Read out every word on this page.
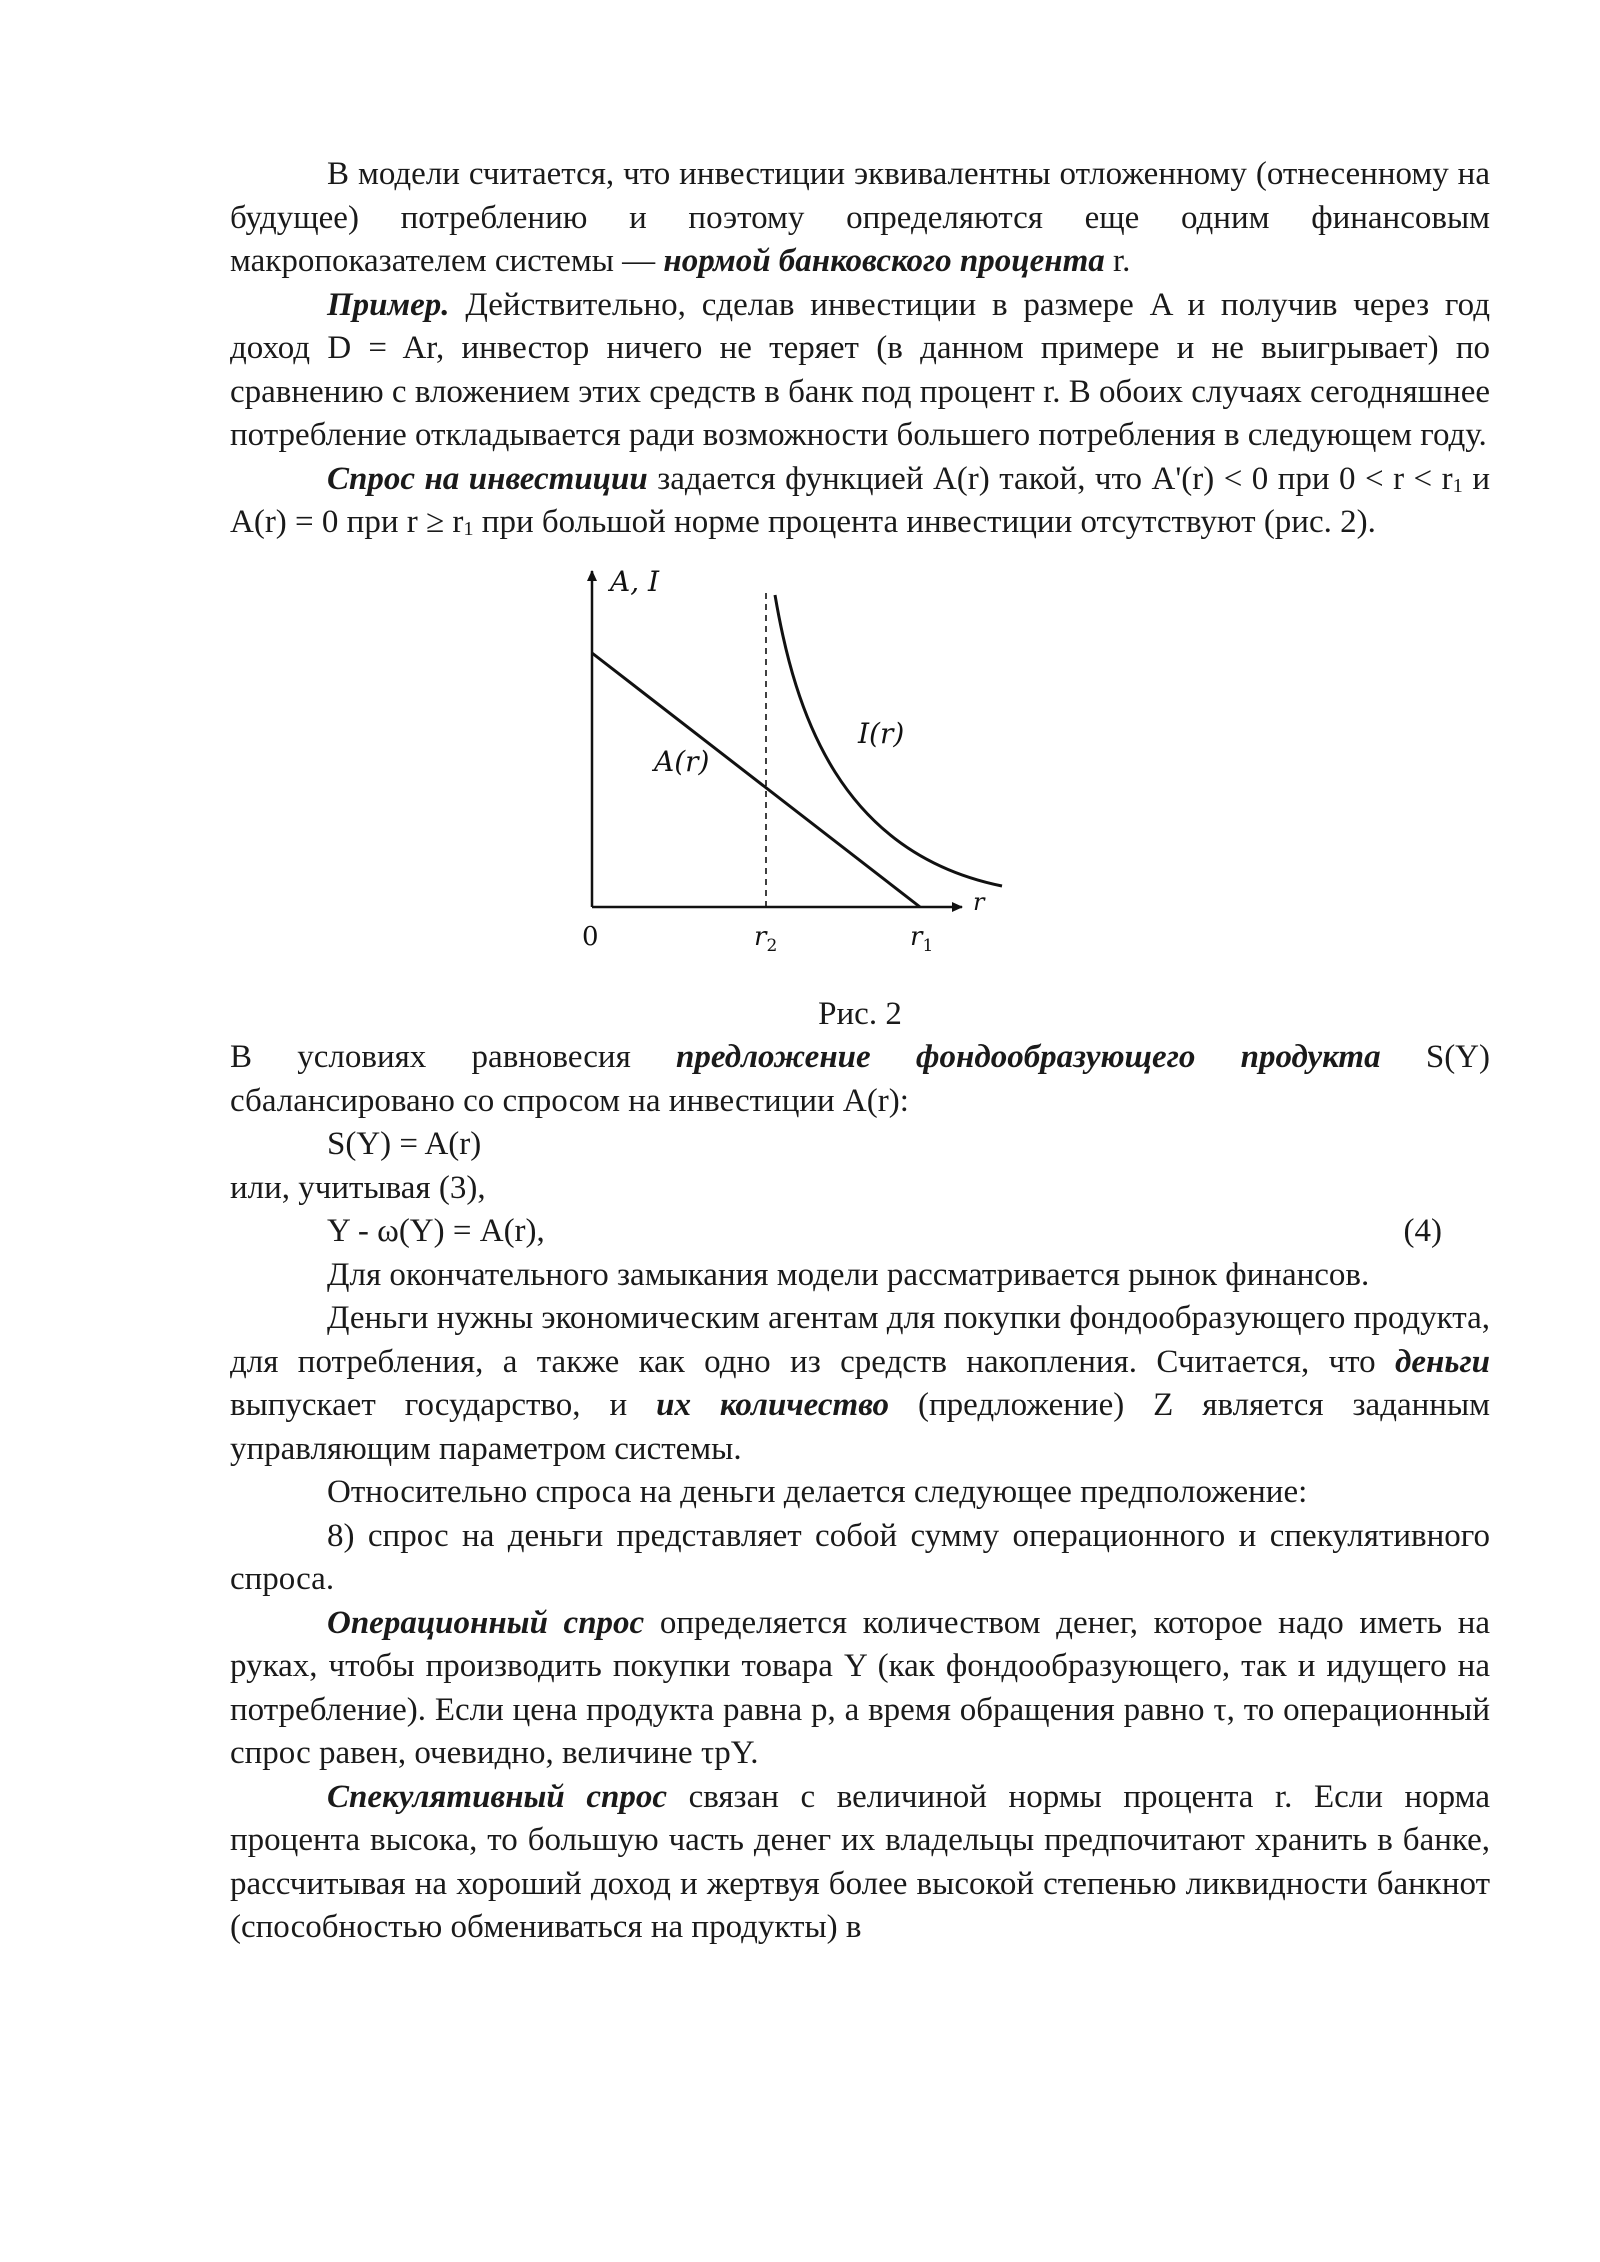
В модели считается, что инвестиции эквивалентны отложенному (отнесенному на будущее) потреблению и поэтому определяются еще одним финансовым макропоказателем системы — нормой банковского процента r.

Пример. Действительно, сделав инвестиции в размере A и получив через год доход D = Ar, инвестор ничего не теряет (в данном примере и не выигрывает) по сравнению с вложением этих средств в банк под процент r. В обоих случаях сегодняшнее потребление откладывается ради возможности большего потребления в следующем году.

Спрос на инвестиции задается функцией A(r) такой, что A'(r) < 0 при $0 < r < r_1$ и A(r) = 0 при $r \ge r_1$ при большой норме процента инвестиции отсутствуют (рис. 2).

A, I
A(r)
I(r)
r
0	$r_2$	$r_1$

Рис. 2

В условиях равновесия предложение фондообразующего продукта S(Y) сбалансировано со спросом на инвестиции A(r):

S(Y) = A(r)

или, учитывая (3),

Y - ω(Y) = A(r),	(4)

Для окончательного замыкания модели рассматривается рынок финансов.

Деньги нужны экономическим агентам для покупки фондообразующего продукта, для потребления, а также как одно из средств накопления. Считается, что деньги выпускает государство, и их количество (предложение) Z является заданным управляющим параметром системы.

Относительно спроса на деньги делается следующее предположение:

8) спрос на деньги представляет собой сумму операционного и спекулятивного спроса.

Операционный спрос определяется количеством денег, которое надо иметь на руках, чтобы производить покупки товара Y (как фондообразующего, так и идущего на потребление). Если цена продукта равна p, а время обращения равно τ, то операционный спрос равен, очевидно, величине τpY.

Спекулятивный спрос связан с величиной нормы процента r. Если норма процента высока, то большую часть денег их владельцы предпочитают хранить в банке, рассчитывая на хороший доход и жертвуя более высокой степенью ликвидности банкнот (способностью обмениваться на продукты) в
